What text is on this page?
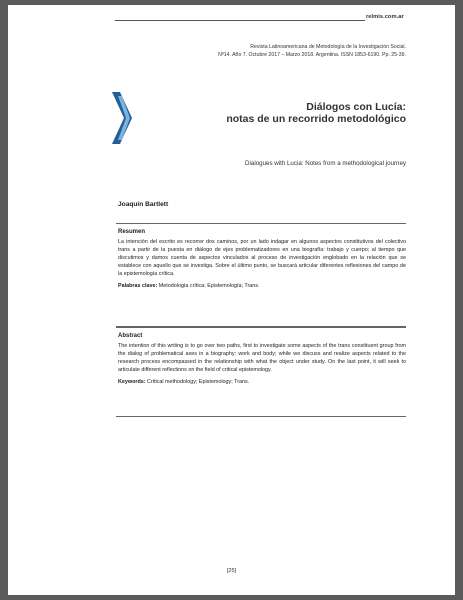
relmis.com.ar
Revista Latinoamericana de Metodología de la Investigación Social.
Nº14. Año 7. Octubre 2017 – Marzo 2018. Argentina. ISSN 1853-6190. Pp. 25-39.
Diálogos con Lucía:
notas de un recorrido metodológico
Dialogues with Lucia: Notes from a methodological journey
Joaquín Bartlett
Resumen
La intención del escrito es recorrer dos caminos, por un lado indagar en algunos aspectos constitutivos del colectivo trans a partir de la puesta en diálogo de ejes problematizadores en una biografía: trabajo y cuerpo; al tiempo que discutimos y damos cuenta de aspectos vinculados al proceso de investigación englobado en la relación que se establece con aquello que se investiga. Sobre el último punto, se buscará articular diferentes reflexiones del campo de la epistemología crítica.
Palabras clave: Metodología crítica; Epistemología; Trans.
Abstract
The intention of this writing is to go over two paths, first to investigate some aspects of the trans constituent group from the dialog of problematical axes in a biography: work and body; while we discuss and realize aspects related to the research process encompassed in the relationship with what the object under study. On the last point, it will seek to articulate different reflections on the field of critical epistemology.
Keywords: Critical methodology; Epistemology; Trans.
[25]
